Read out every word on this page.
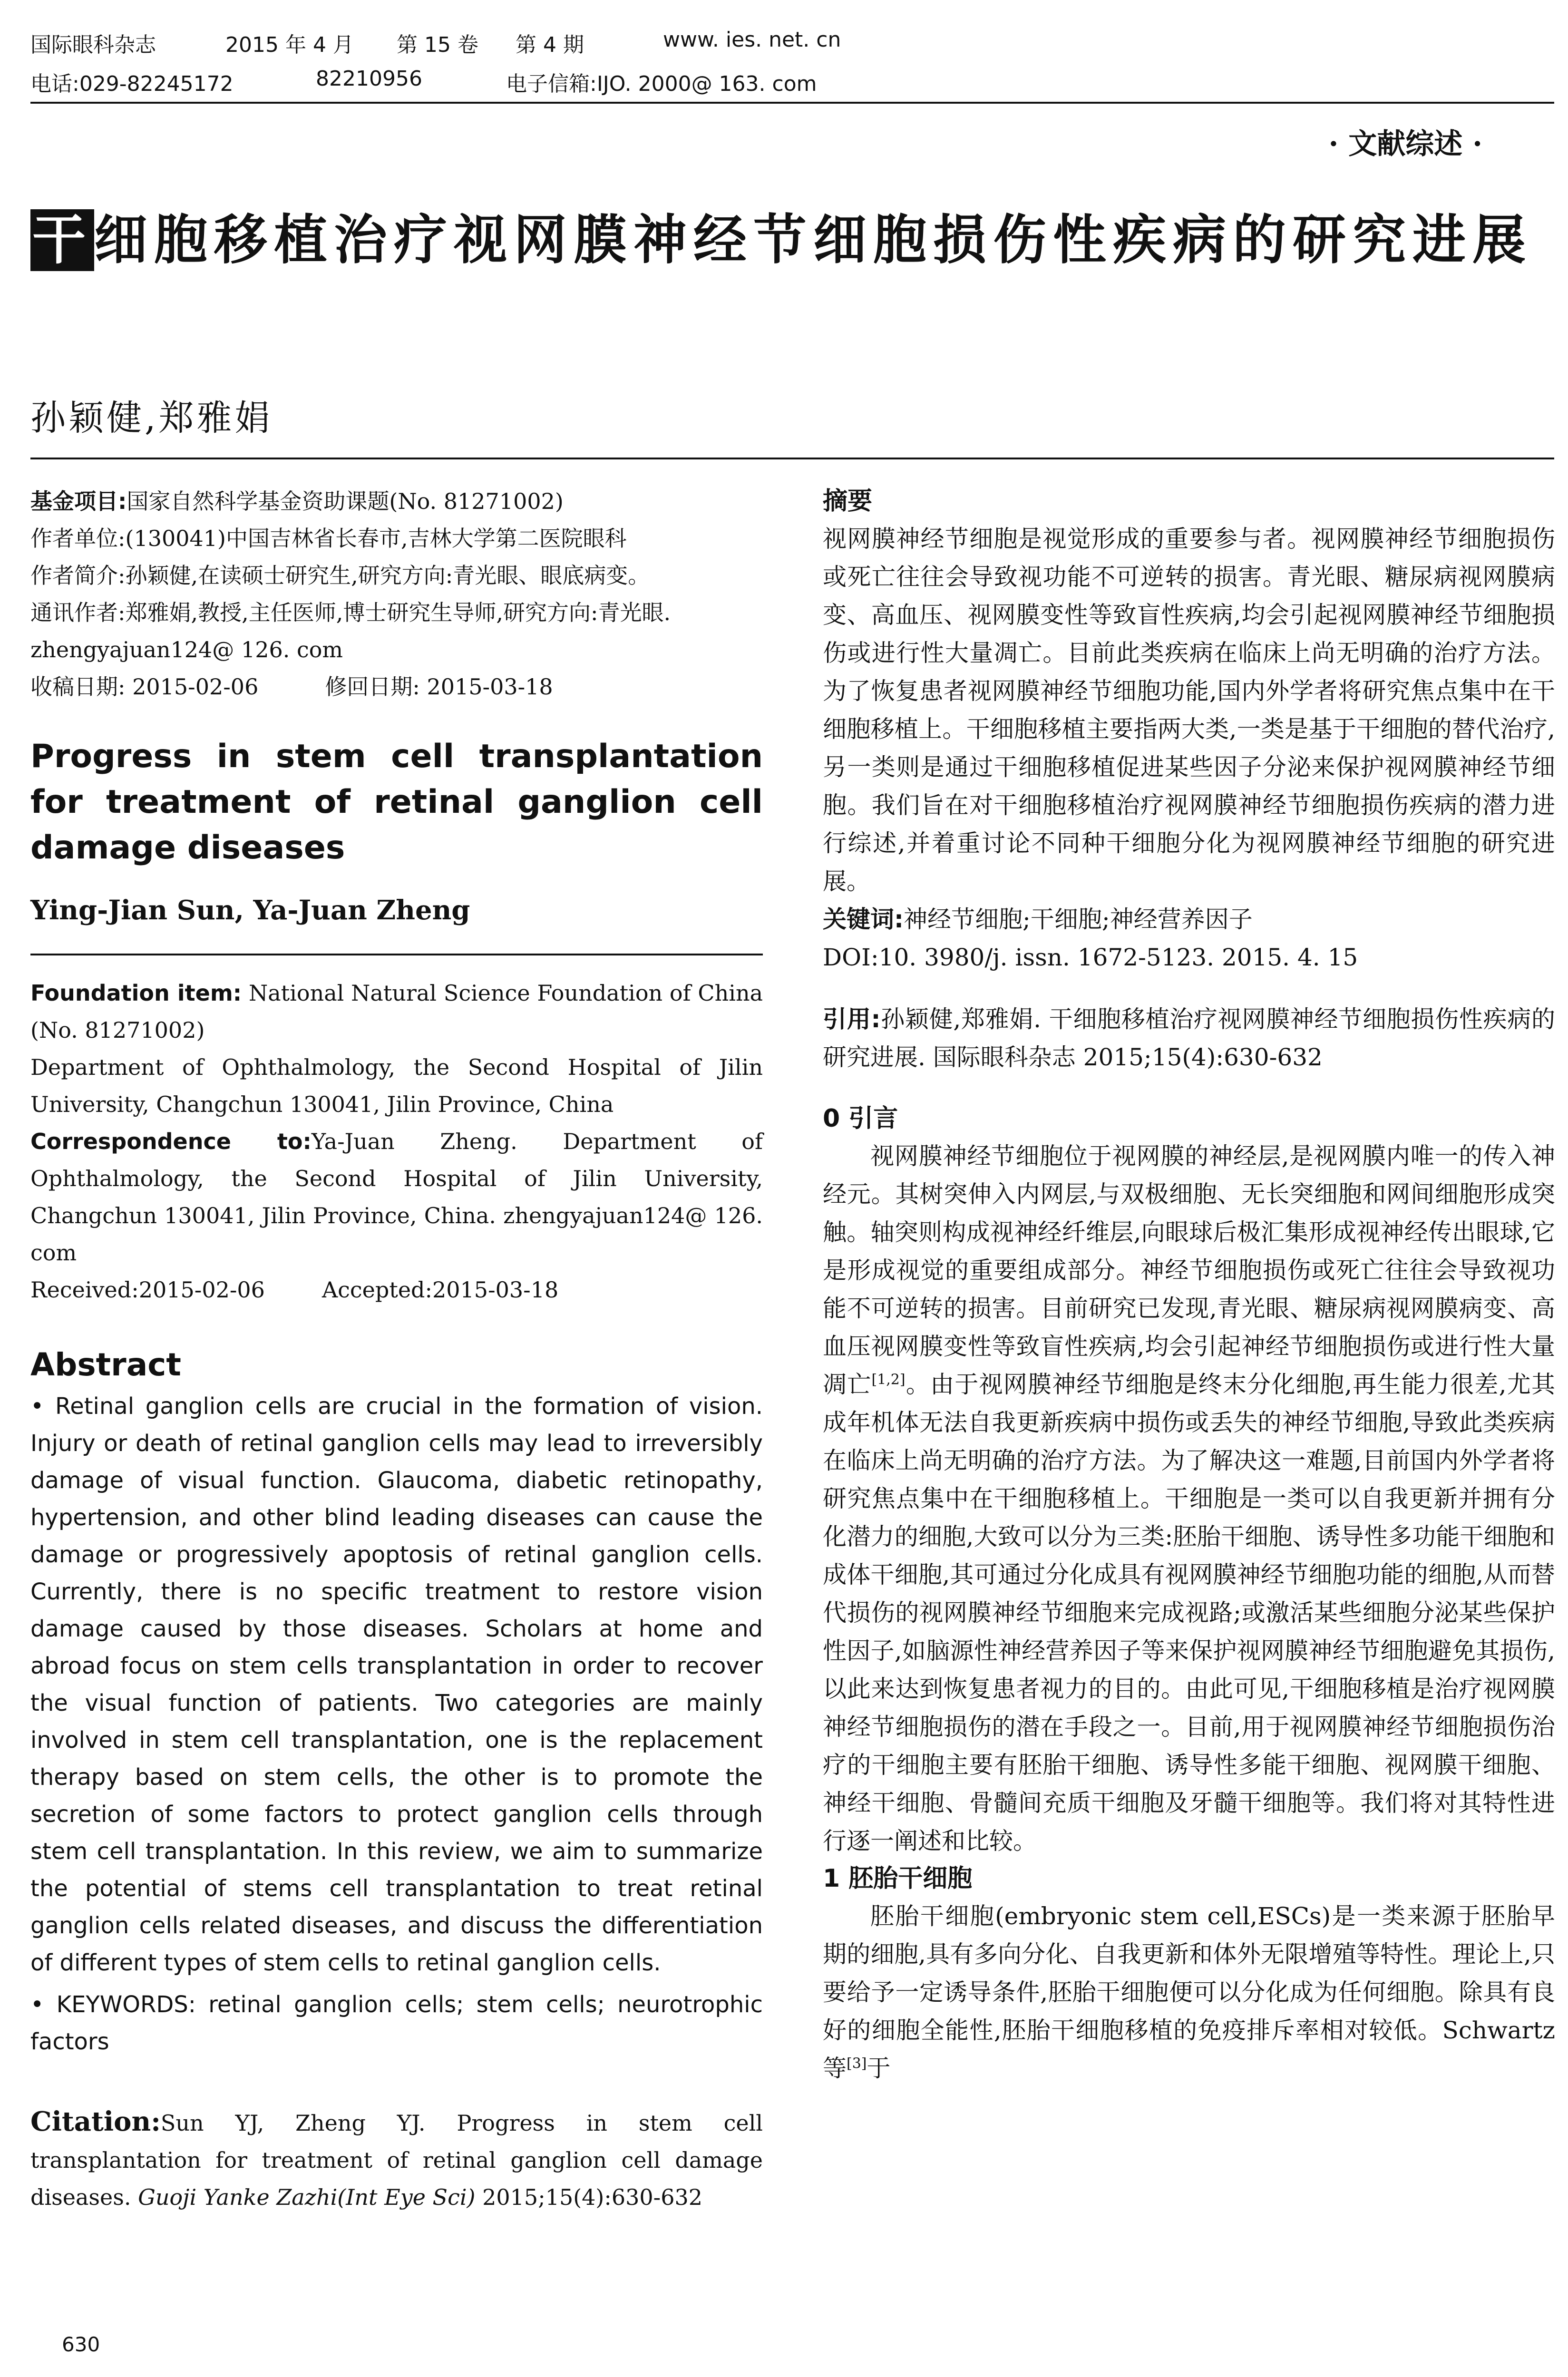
国际眼科杂志	2015 年 4 月 第 15 卷 第 4 期	www. ies. net. cn
电话:029-82245172	82210956	电子信箱:IJO. 2000@ 163. com
· 文献综述 ·
干细胞移植治疗视网膜神经节细胞损伤性疾病的研究进展
孙颖健,郑雅娟
基金项目:国家自然科学基金资助课题(No. 81271002)
作者单位:(130041)中国吉林省长春市,吉林大学第二医院眼科
作者简介:孙颖健,在读硕士研究生,研究方向:青光眼、眼底病变。
通讯作者:郑雅娟,教授,主任医师,博士研究生导师,研究方向:青光眼. zhengyajuan124@ 126. com
收稿日期: 2015-02-06	修回日期: 2015-03-18
Progress in stem cell transplantation for treatment of retinal ganglion cell damage diseases
Ying-Jian Sun, Ya-Juan Zheng
Foundation item: National Natural Science Foundation of China (No. 81271002)
Department of Ophthalmology, the Second Hospital of Jilin University, Changchun 130041, Jilin Province, China
Correspondence to:Ya-Juan Zheng. Department of Ophthalmology, the Second Hospital of Jilin University, Changchun 130041, Jilin Province, China. zhengyajuan124@ 126. com
Received:2015-02-06	Accepted:2015-03-18
Abstract
• Retinal ganglion cells are crucial in the formation of vision. Injury or death of retinal ganglion cells may lead to irreversibly damage of visual function. Glaucoma, diabetic retinopathy, hypertension, and other blind leading diseases can cause the damage or progressively apoptosis of retinal ganglion cells. Currently, there is no specific treatment to restore vision damage caused by those diseases. Scholars at home and abroad focus on stem cells transplantation in order to recover the visual function of patients. Two categories are mainly involved in stem cell transplantation, one is the replacement therapy based on stem cells, the other is to promote the secretion of some factors to protect ganglion cells through stem cell transplantation. In this review, we aim to summarize the potential of stems cell transplantation to treat retinal ganglion cells related diseases, and discuss the differentiation of different types of stem cells to retinal ganglion cells.
• KEYWORDS: retinal ganglion cells; stem cells; neurotrophic factors
Citation:Sun YJ, Zheng YJ. Progress in stem cell transplantation for treatment of retinal ganglion cell damage diseases. Guoji Yanke Zazhi(Int Eye Sci) 2015;15(4):630-632
摘要
视网膜神经节细胞是视觉形成的重要参与者。视网膜神经节细胞损伤或死亡往往会导致视功能不可逆转的损害。青光眼、糖尿病视网膜病变、高血压、视网膜变性等致盲性疾病,均会引起视网膜神经节细胞损伤或进行性大量凋亡。目前此类疾病在临床上尚无明确的治疗方法。为了恢复患者视网膜神经节细胞功能,国内外学者将研究焦点集中在干细胞移植上。干细胞移植主要指两大类,一类是基于干细胞的替代治疗,另一类则是通过干细胞移植促进某些因子分泌来保护视网膜神经节细胞。我们旨在对干细胞移植治疗视网膜神经节细胞损伤疾病的潜力进行综述,并着重讨论不同种干细胞分化为视网膜神经节细胞的研究进展。
关键词:神经节细胞;干细胞;神经营养因子
DOI:10. 3980/j. issn. 1672-5123. 2015. 4. 15
引用:孙颖健,郑雅娟. 干细胞移植治疗视网膜神经节细胞损伤性疾病的研究进展. 国际眼科杂志 2015;15(4):630-632
0 引言
视网膜神经节细胞位于视网膜的神经层,是视网膜内唯一的传入神经元。其树突伸入内网层,与双极细胞、无长突细胞和网间细胞形成突触。轴突则构成视神经纤维层,向眼球后极汇集形成视神经传出眼球,它是形成视觉的重要组成部分。神经节细胞损伤或死亡往往会导致视功能不可逆转的损害。目前研究已发现,青光眼、糖尿病视网膜病变、高血压视网膜变性等致盲性疾病,均会引起神经节细胞损伤或进行性大量凋亡[1,2]。由于视网膜神经节细胞是终末分化细胞,再生能力很差,尤其成年机体无法自我更新疾病中损伤或丢失的神经节细胞,导致此类疾病在临床上尚无明确的治疗方法。为了解决这一难题,目前国内外学者将研究焦点集中在干细胞移植上。干细胞是一类可以自我更新并拥有分化潜力的细胞,大致可以分为三类:胚胎干细胞、诱导性多功能干细胞和成体干细胞,其可通过分化成具有视网膜神经节细胞功能的细胞,从而替代损伤的视网膜神经节细胞来完成视路;或激活某些细胞分泌某些保护性因子,如脑源性神经营养因子等来保护视网膜神经节细胞避免其损伤,以此来达到恢复患者视力的目的。由此可见,干细胞移植是治疗视网膜神经节细胞损伤的潜在手段之一。目前,用于视网膜神经节细胞损伤治疗的干细胞主要有胚胎干细胞、诱导性多能干细胞、视网膜干细胞、神经干细胞、骨髓间充质干细胞及牙髓干细胞等。我们将对其特性进行逐一阐述和比较。
1 胚胎干细胞
胚胎干细胞(embryonic stem cell,ESCs)是一类来源于胚胎早期的细胞,具有多向分化、自我更新和体外无限增殖等特性。理论上,只要给予一定诱导条件,胚胎干细胞便可以分化成为任何细胞。除具有良好的细胞全能性,胚胎干细胞移植的免疫排斥率相对较低。Schwartz 等[3]于
630
